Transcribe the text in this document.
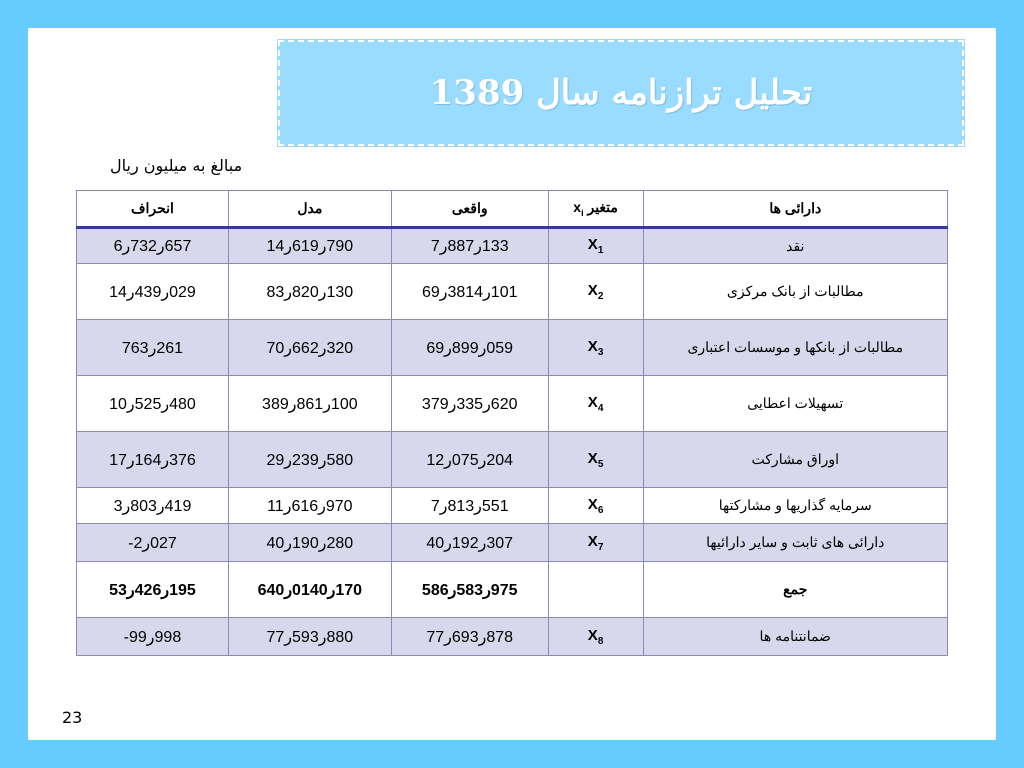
تحلیل ترازنامه سال 1389
مبالغ به میلیون ریال
دارائی ها	متغیر $x_i$	واقعی	مدل	انحراف
نقد	$X_1$	133ر887ر7	790ر619ر14	657ر732ر6
مطالبات از بانک مرکزی	$X_2$	101ر3814ر69	130ر820ر83	029ر439ر14
مطالبات از بانکها و موسسات اعتباری	$X_3$	059ر899ر69	320ر662ر70	261ر763
تسهیلات اعطایی	$X_4$	620ر335ر379	100ر861ر389	480ر525ر10
اوراق مشارکت	$X_5$	204ر075ر12	580ر239ر29	376ر164ر17
سرمایه گذاریها و مشارکتها	$X_6$	551ر813ر7	970ر616ر11	419ر803ر3
دارائی های ثابت و سایر دارائیها	$X_7$	307ر192ر40	280ر190ر40	027ر2-
جمع		975ر583ر586	170ر0140ر640	195ر426ر53
ضمانتنامه ها	$X_8$	878ر693ر77	880ر593ر77	998ر99-
23
